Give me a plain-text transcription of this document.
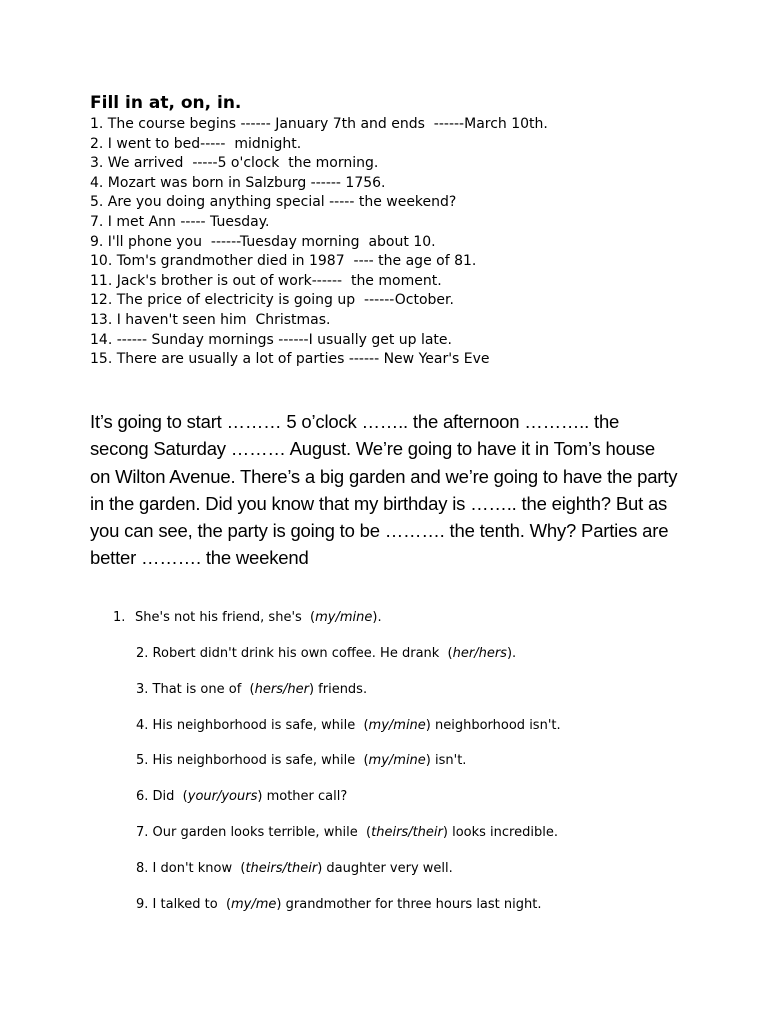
Fill in at, on, in.
1. The course begins ------ January 7th and ends  ------March 10th.
2. I went to bed-----  midnight.
3. We arrived  -----5 o'clock  the morning.
4. Mozart was born in Salzburg ------ 1756.
5. Are you doing anything special ----- the weekend?
7. I met Ann ----- Tuesday.
9. I'll phone you  ------Tuesday morning  about 10.
10. Tom's grandmother died in 1987  ---- the age of 81.
11. Jack's brother is out of work------  the moment.
12. The price of electricity is going up  ------October.
13. I haven't seen him  Christmas.
14. ------ Sunday mornings ------I usually get up late.
15. There are usually a lot of parties ------ New Year's Eve

It’s going to start ……… 5 o’clock …….. the afternoon ……….. the secong Saturday ……… August. We’re going to have it in Tom’s house on Wilton Avenue. There’s a big garden and we’re going to have the party in the garden. Did you know that my birthday is …….. the eighth? But as you can see, the party is going to be ………. the tenth. Why? Parties are better ………. the weekend

1. She's not his friend, she's  (my/mine).
2. Robert didn't drink his own coffee. He drank  (her/hers).
3. That is one of  (hers/her) friends.
4. His neighborhood is safe, while  (my/mine) neighborhood isn't.
5. His neighborhood is safe, while  (my/mine) isn't.
6. Did  (your/yours) mother call?
7. Our garden looks terrible, while  (theirs/their) looks incredible.
8. I don't know  (theirs/their) daughter very well.
9. I talked to  (my/me) grandmother for three hours last night.
